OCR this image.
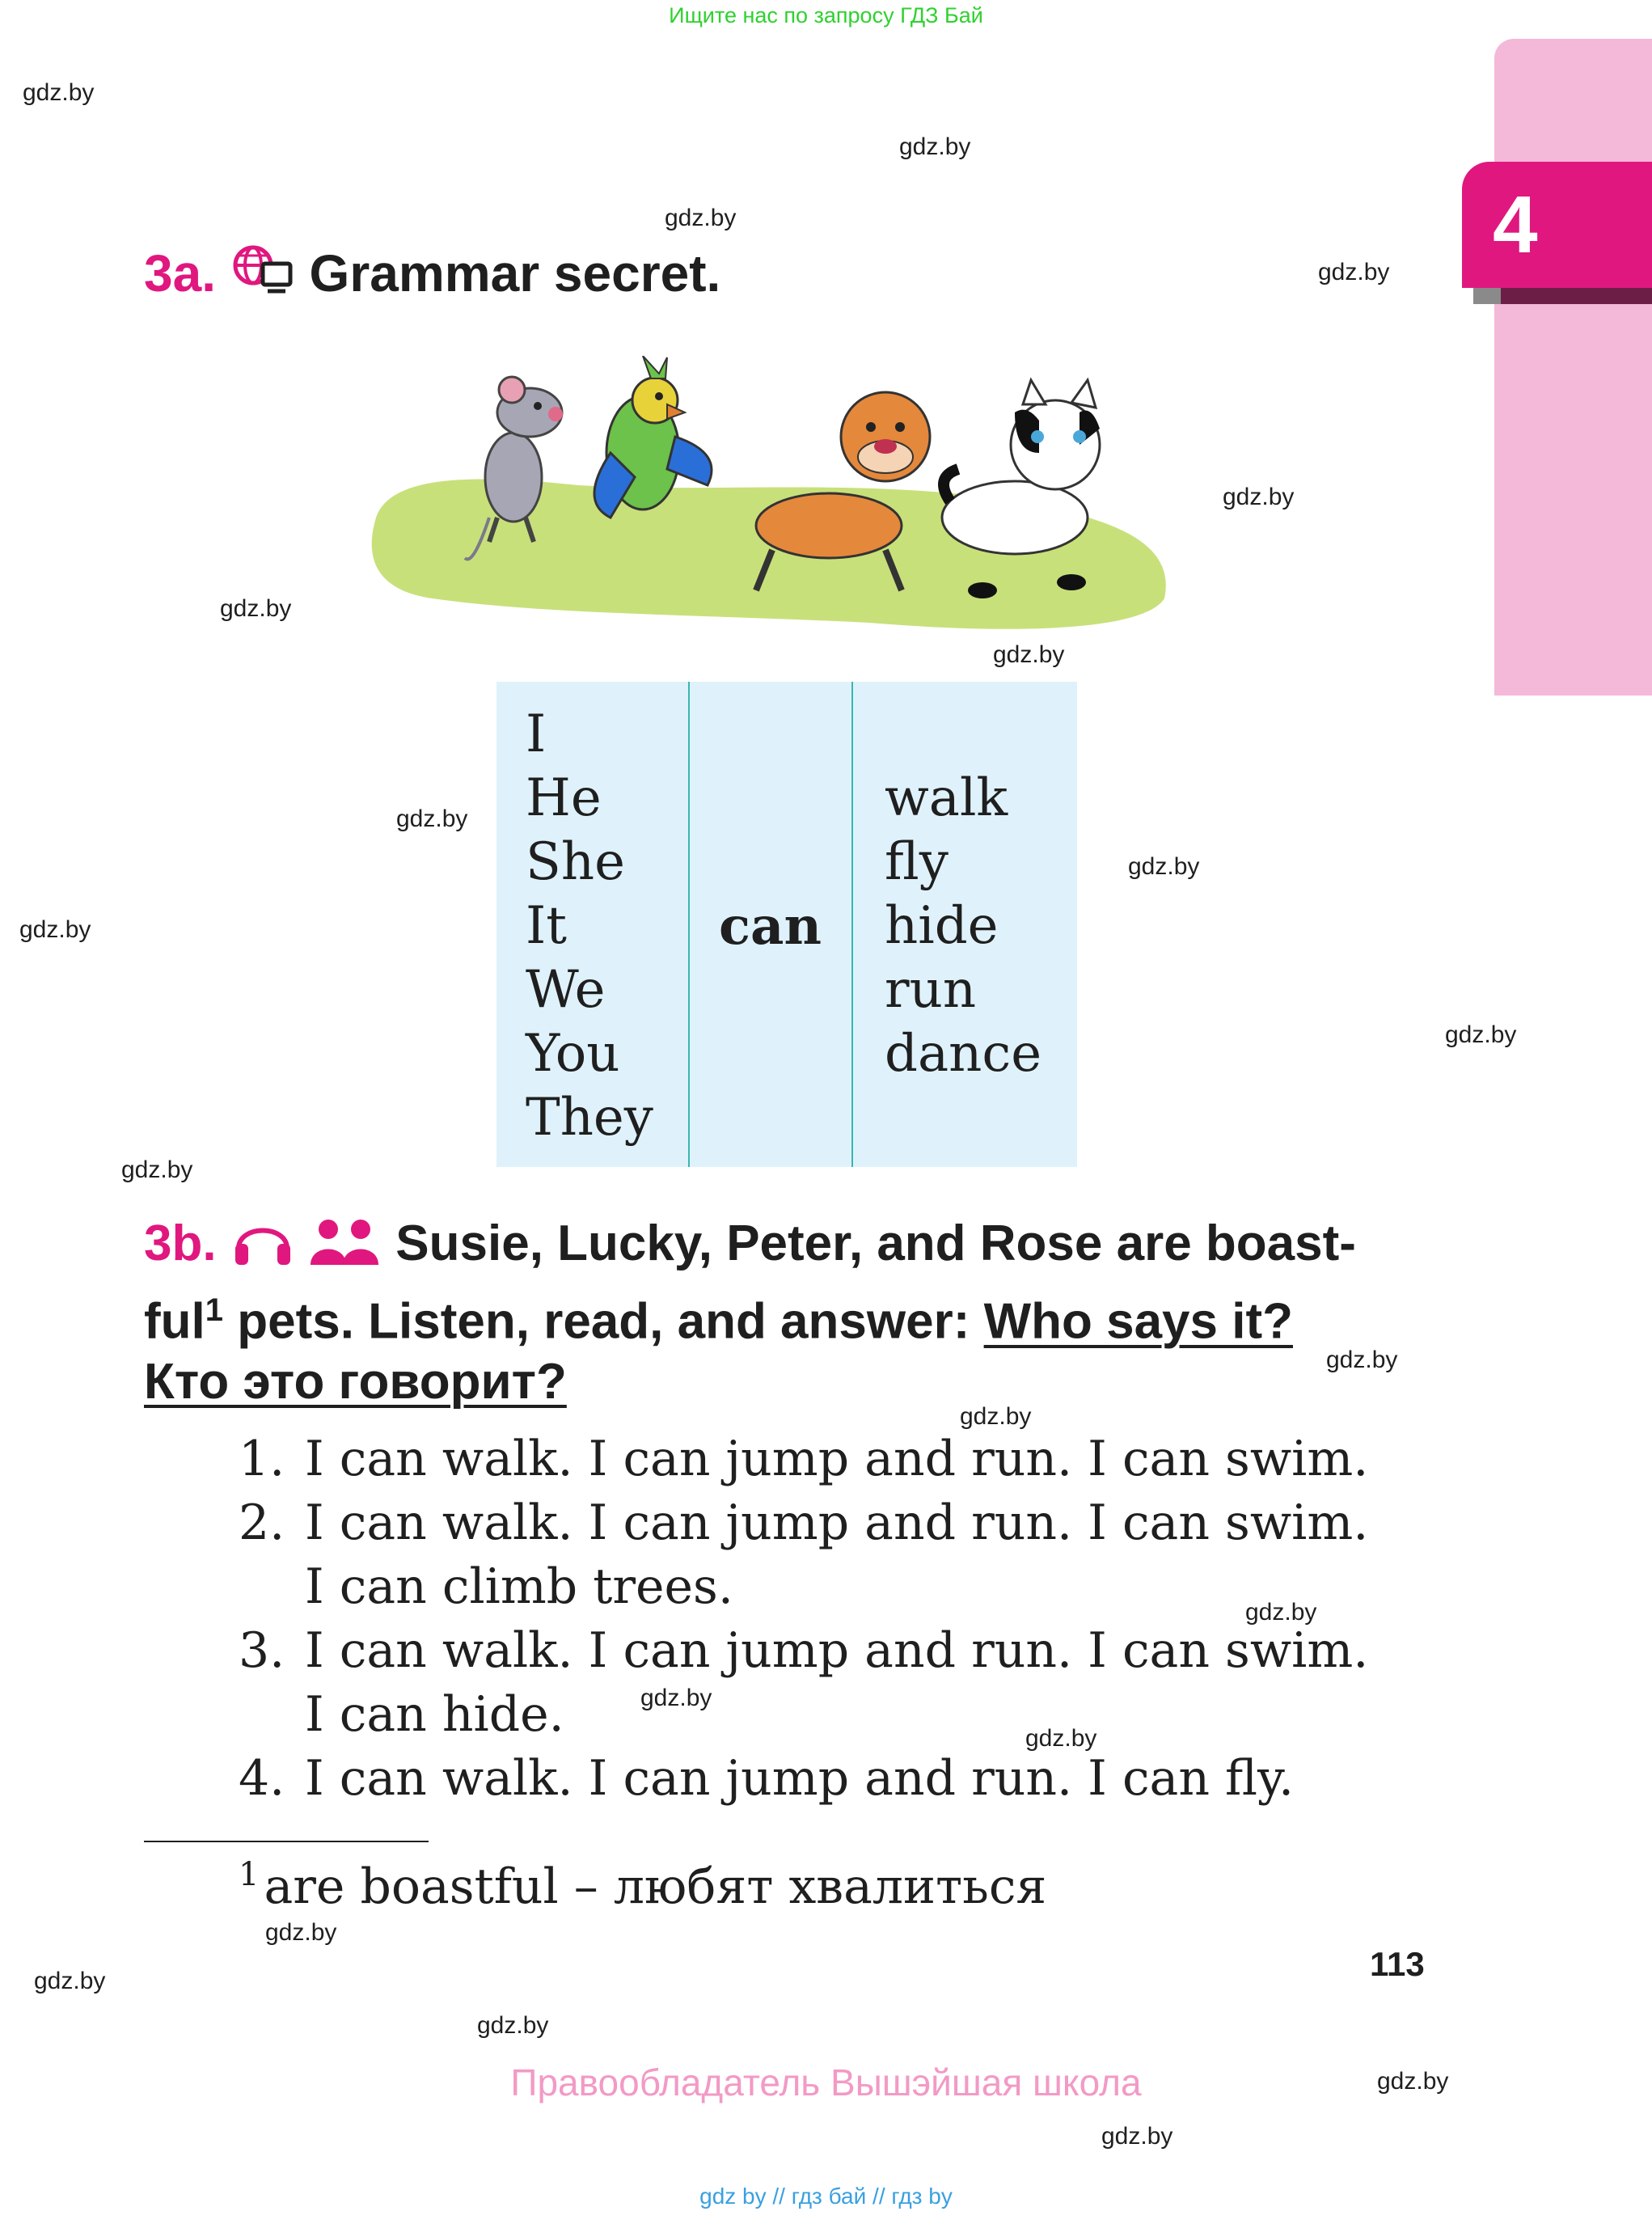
Ищите нас по запросу ГДЗ Бай
4
gdz.by
gdz.by
gdz.by
gdz.by
gdz.by
gdz.by
gdz.by
gdz.by
gdz.by
gdz.by
gdz.by
gdz.by
gdz.by
gdz.by
gdz.by
gdz.by
gdz.by
gdz.by
gdz.by
gdz.by
gdz.by
gdz.by
3a. Grammar secret.
I
He
She
It
We
You
They
can
walk
fly
hide
run
dance
3b.	Susie, Lucky, Peter, and Rose are boast-
ful$^1$ pets. Listen, read, and answer: Who says it?
Кто это говорит?
1. I can walk. I can jump and run. I can swim.
2. I can walk. I can jump and run. I can swim.
I can climb trees.
3. I can walk. I can jump and run. I can swim.
I can hide.
4. I can walk. I can jump and run. I can fly.
$^1$ are boastful – любят хвалиться
113
Правообладатель Вышэйшая школа
gdz by // гдз бай // гдз by
